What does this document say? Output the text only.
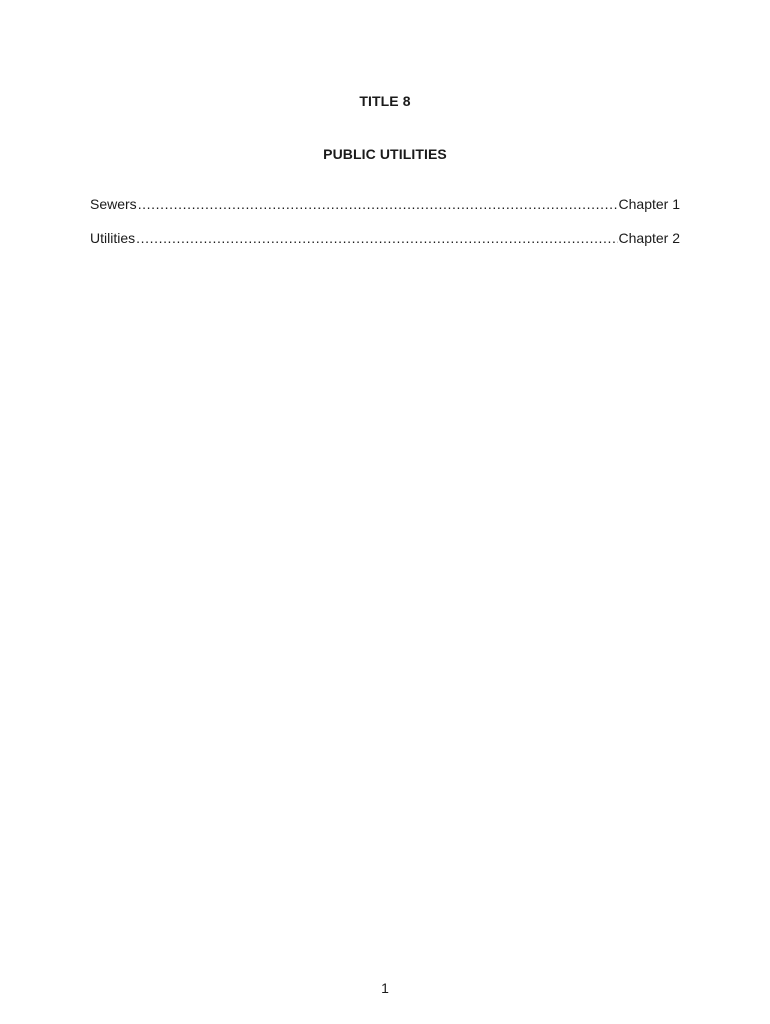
TITLE 8
PUBLIC UTILITIES
Sewers .....	Chapter 1
Utilities .....	Chapter 2
1
